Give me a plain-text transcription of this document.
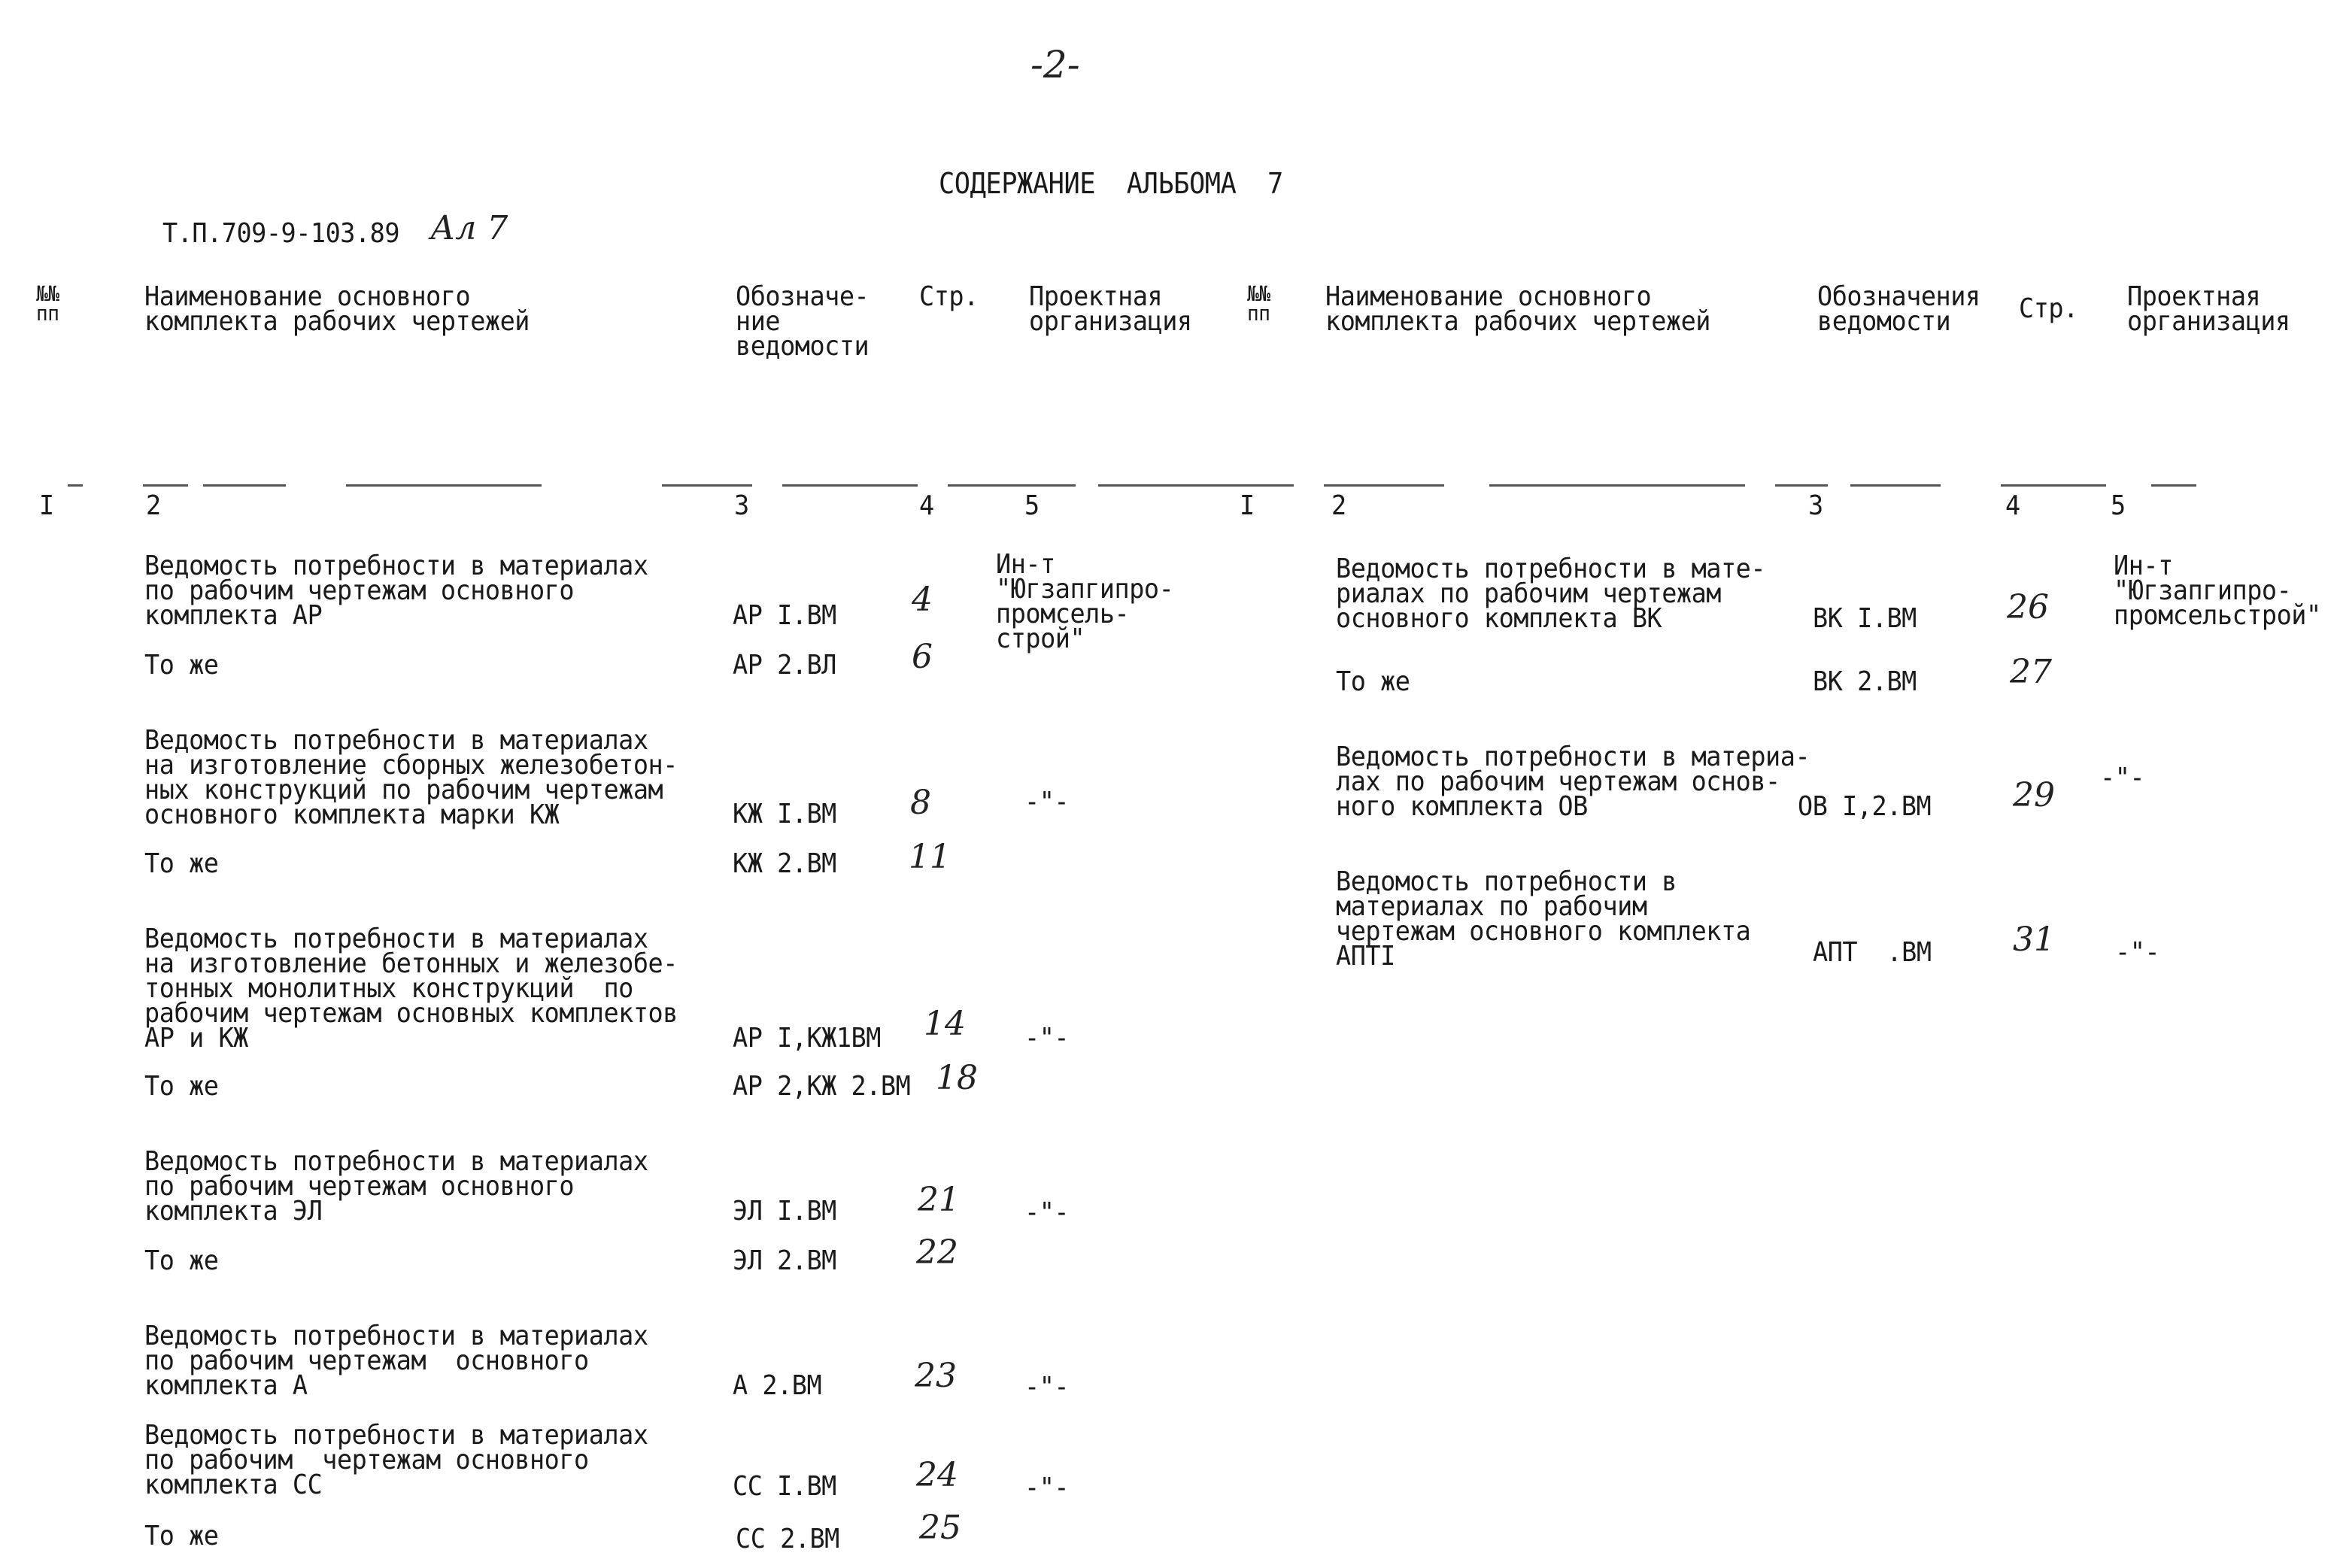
-2-
СОДЕРЖАНИЕ  АЛЬБОМА  7
Т.П.709-9-103.89 Ал 7
№№
пп
Наименование основного
комплекта рабочих чертежей
Обозначе-
ние
ведомости
Стр. Проектная
организация
№№
пп
Наименование основного
комплекта рабочих чертежей
Обозначения
ведомости	Стр. Проектная
организация
I	2	3	4	5	I	2	3	4	5
Ведомость потребности в материалах
по рабочим чертежам основного
комплекта АР	АР I.ВМ 4
Ин-т
"Югзапгипро-
промсель-
строй"
То же	АР 2.ВЛ 6
Ведомость потребности в материалах
на изготовление сборных железобетон-
ных конструкций по рабочим чертежам
основного комплекта марки КЖ	КЖ I.ВМ 8	-"-
То же	КЖ 2.ВМ 11
Ведомость потребности в материалах
на изготовление бетонных и железобе-
тонных монолитных конструкций  по
рабочим чертежам основных комплектов
АР и КЖ	АР I,КЖ1ВМ 14 -"-
То же	АР 2,КЖ 2.ВМ 18
Ведомость потребности в материалах
по рабочим чертежам основного
комплекта ЭЛ	ЭЛ I.ВМ 21 -"-
То же	ЭЛ 2.ВМ 22
Ведомость потребности в материалах
по рабочим чертежам  основного
комплекта А	А 2.ВМ	23	-"-
Ведомость потребности в материалах
по рабочим  чертежам основного
комплекта СС	СС I.ВМ 24 -"-
То же	СС 2.ВМ 25
Ведомость потребности в мате-
риалах по рабочим чертежам
основного комплекта ВК	ВК I.ВМ	26
Ин-т
"Югзапгипро-
промсельстрой"
То же	ВК 2.ВМ	27
Ведомость потребности в материа-
лах по рабочим чертежам основ-
ного комплекта ОВ	ОВ I,2.ВМ 29 -"-
Ведомость потребности в
материалах по рабочим
чертежам основного комплекта
АПТI	АПТ  .ВМ 31 -"-
